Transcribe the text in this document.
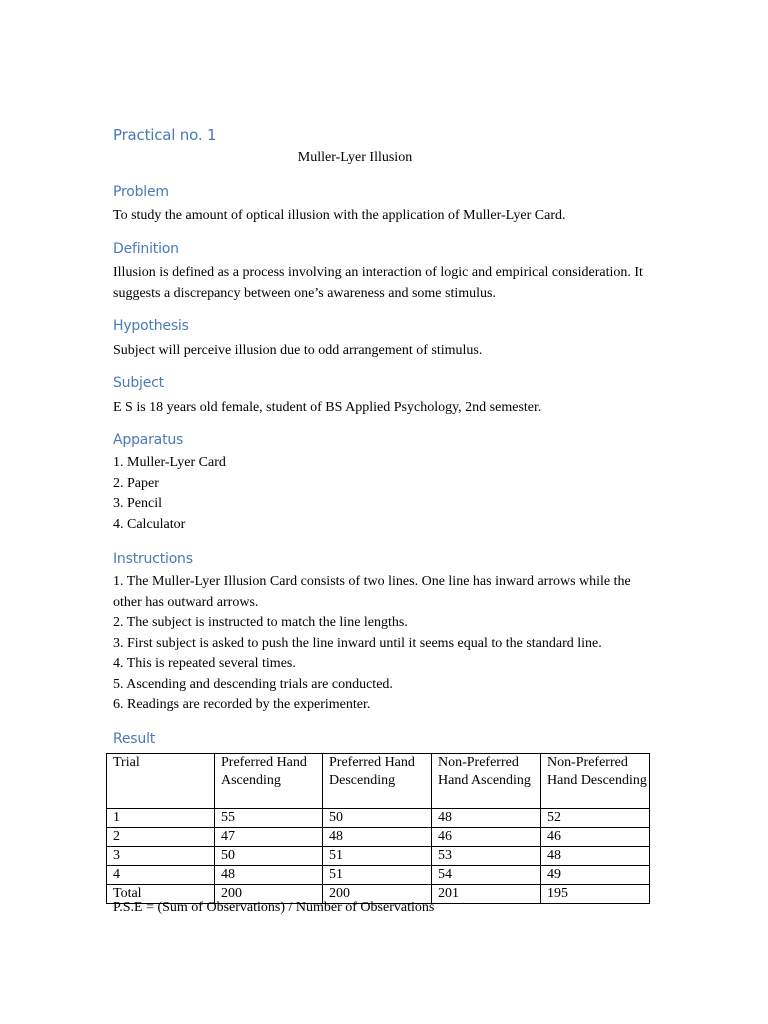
Practical no. 1

Muller-Lyer Illusion

Problem

To study the amount of optical illusion with the application of Muller-Lyer Card.

Definition

Illusion is defined as a process involving an interaction of logic and empirical consideration. It suggests a discrepancy between one’s awareness and some stimulus.

Hypothesis

Subject will perceive illusion due to odd arrangement of stimulus.

Subject

E S is 18 years old female, student of BS Applied Psychology, 2nd semester.

Apparatus
1. Muller-Lyer Card
2. Paper
3. Pencil
4. Calculator
Instructions
1. The Muller-Lyer Illusion Card consists of two lines. One line has inward arrows while the other has outward arrows.
2. The subject is instructed to match the line lengths.
3. First subject is asked to push the line inward until it seems equal to the standard line.
4. This is repeated several times.
5. Ascending and descending trials are conducted.
6. Readings are recorded by the experimenter.
Result
Trial	Preferred Hand Ascending	Preferred Hand Descending	Non-Preferred Hand Ascending	Non-Preferred Hand Descending
1	55	50	48	52
2	47	48	46	46
3	50	51	53	48
4	48	51	54	49
Total	200	200	201	195

P.S.E = (Sum of Observations) / Number of Observations
